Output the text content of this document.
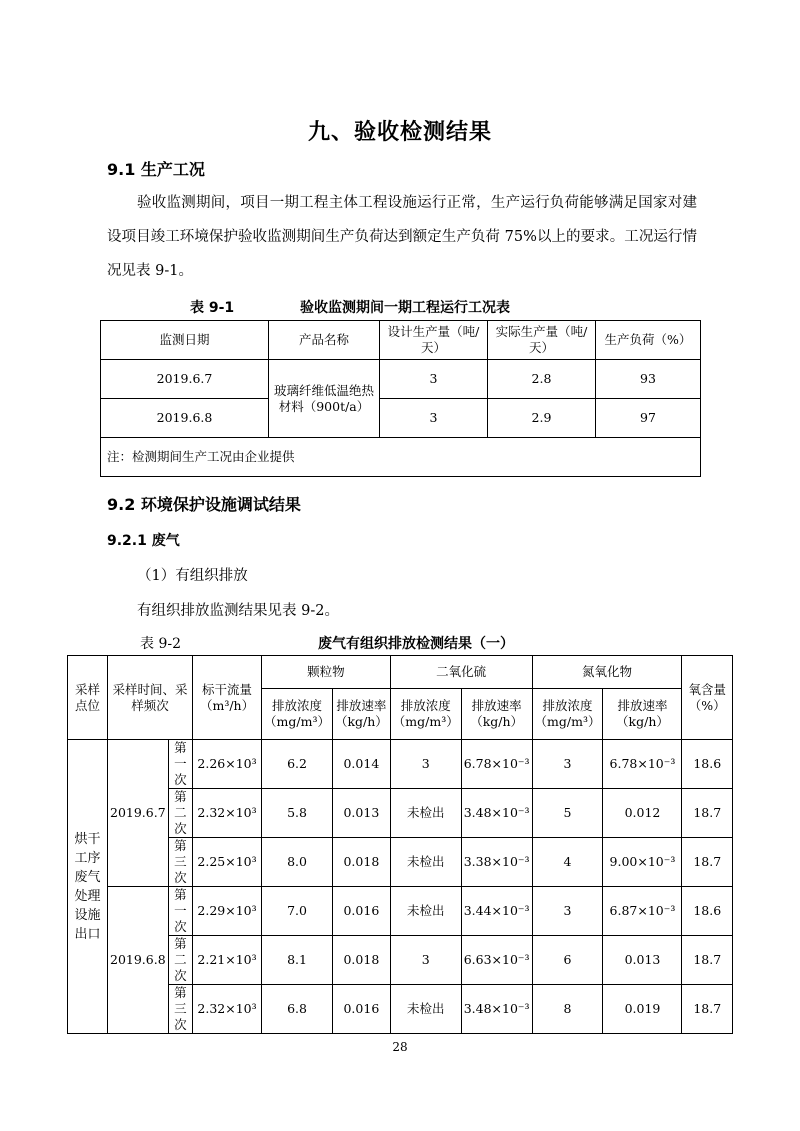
九、验收检测结果
9.1 生产工况
验收监测期间，项目一期工程主体工程设施运行正常，生产运行负荷能够满足国家对建设项目竣工环境保护验收监测期间生产负荷达到额定生产负荷 75%以上的要求。工况运行情况见表 9-1。
表 9-1	验收监测期间一期工程运行工况表
监测日期	产品名称	设计生产量（吨/天）	实际生产量（吨/天）	生产负荷（%）
2019.6.7	玻璃纤维低温绝热材料（900t/a）	3	2.8	93
2019.6.8		3	2.9	97
注：检测期间生产工况由企业提供				
9.2 环境保护设施调试结果
9.2.1 废气
（1）有组织排放
有组织排放监测结果见表 9-2。
表 9-2	废气有组织排放检测结果（一）
采样点位	采样时间、采样频次		标干流量（m³/h）	颗粒物		二氧化硫		氮氧化物		氧含量（%）
				排放浓度（mg/m³）	排放速率（kg/h）	排放浓度（mg/m³）	排放速率（kg/h）	排放浓度（mg/m³）	排放速率（kg/h）	
烘干工序废气处理设施出口	2019.6.7	第一次	2.26×10³	6.2	0.014	3	6.78×10⁻³	3	6.78×10⁻³	18.6
		第二次	2.32×10³	5.8	0.013	未检出	3.48×10⁻³	5	0.012	18.7
		第三次	2.25×10³	8.0	0.018	未检出	3.38×10⁻³	4	9.00×10⁻³	18.7
	2019.6.8	第一次	2.29×10³	7.0	0.016	未检出	3.44×10⁻³	3	6.87×10⁻³	18.6
		第二次	2.21×10³	8.1	0.018	3	6.63×10⁻³	6	0.013	18.7
		第三次	2.32×10³	6.8	0.016	未检出	3.48×10⁻³	8	0.019	18.7
28
